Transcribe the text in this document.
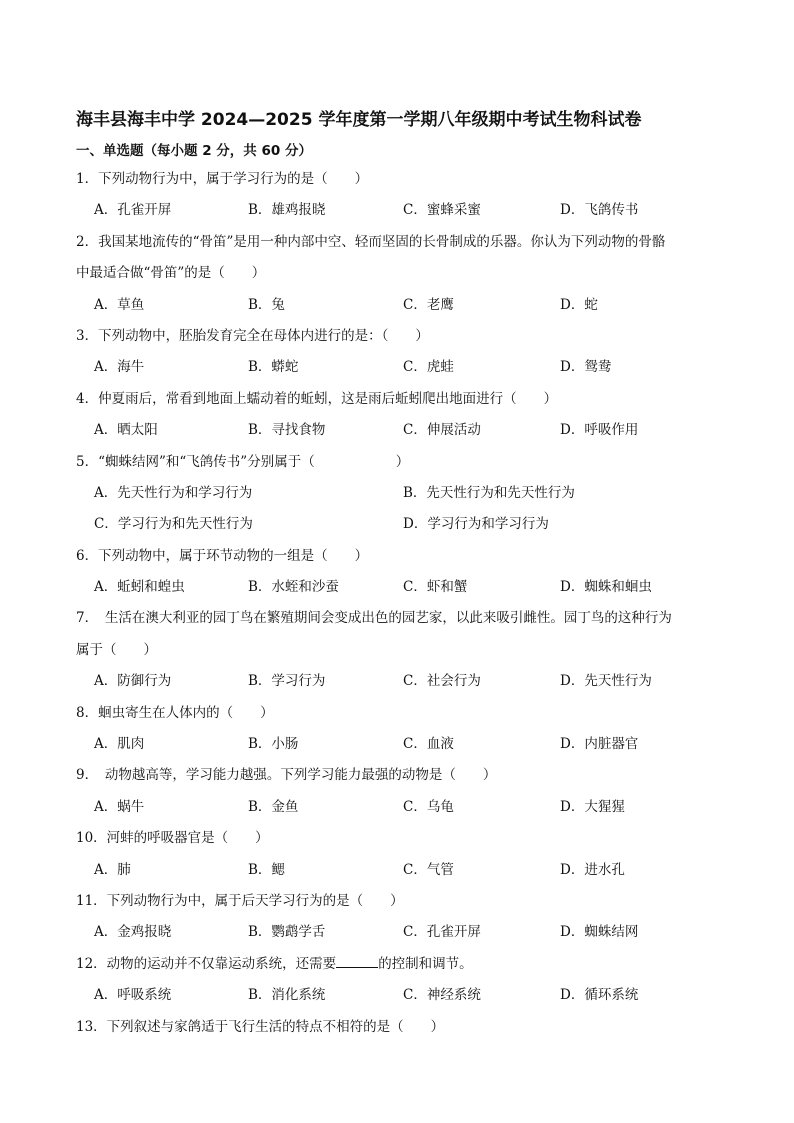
海丰县海丰中学 2024—2025 学年度第一学期八年级期中考试生物科试卷
一、单选题（每小题 2 分，共 60 分）
1．下列动物行为中，属于学习行为的是（　　）
A．孔雀开屏	B．雄鸡报晓	C．蜜蜂采蜜	D．飞鸽传书
2．我国某地流传的“骨笛”是用一种内部中空、轻而坚固的长骨制成的乐器。你认为下列动物的骨骼
中最适合做“骨笛”的是（　　）
A．草鱼	B．兔	C．老鹰	D．蛇
3．下列动物中，胚胎发育完全在母体内进行的是：（　　）
A．海牛	B．蟒蛇	C．虎蛙	D．鸳鸯
4．仲夏雨后，常看到地面上蠕动着的蚯蚓，这是雨后蚯蚓爬出地面进行（　　）
A．晒太阳	B．寻找食物	C．伸展活动	D．呼吸作用
5．“蜘蛛结网”和“飞鸽传书”分别属于（　　　　　　）
A．先天性行为和学习行为	B．先天性行为和先天性行为
C．学习行为和先天性行为	D．学习行为和学习行为
6．下列动物中，属于环节动物的一组是（　　）
A．蚯蚓和蝗虫	B．水蛭和沙蚕	C．虾和蟹	D．蜘蛛和蛔虫
7．　生活在澳大利亚的园丁鸟在繁殖期间会变成出色的园艺家，以此来吸引雌性。园丁鸟的这种行为
属于（　　）
A．防御行为	B．学习行为	C．社会行为	D．先天性行为
8．蛔虫寄生在人体内的（　　）
A．肌肉	B．小肠	C．血液	D．内脏器官
9．　动物越高等，学习能力越强。下列学习能力最强的动物是（　　）
A．蜗牛	B．金鱼	C．乌龟	D．大猩猩
10．河蚌的呼吸器官是（　　）
A．肺	B．鳃	C．气管	D．进水孔
11．下列动物行为中，属于后天学习行为的是（　　）
A．金鸡报晓	B．鹦鹉学舌	C．孔雀开屏	D．蜘蛛结网
12．动物的运动并不仅靠运动系统，还需要	的控制和调节。
A．呼吸系统	B．消化系统	C．神经系统	D．循环系统
13．下列叙述与家鸽适于飞行生活的特点不相符的是（　　）
